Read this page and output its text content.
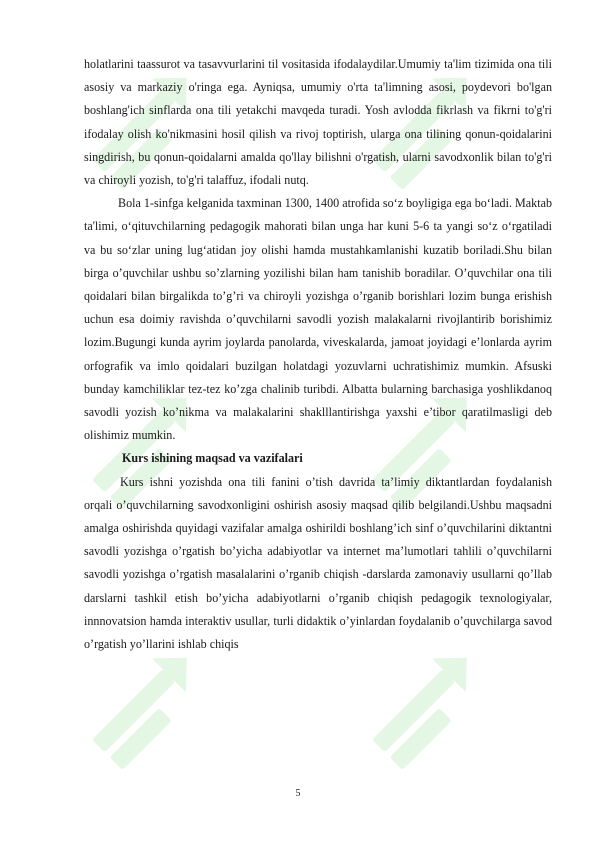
holatlarini taassurot va tasavvurlarini til vositasida ifodalaydilar.Umumiy ta'lim tizimida ona tili asosiy va markaziy o'ringa ega. Ayniqsa, umumiy o'rta ta'limning asosi, poydevori bo'lgan boshlang'ich sinflarda ona tili yetakchi mavqeda turadi. Yosh avlodda fikrlash va fikrni to'g'ri ifodalay olish ko'nikmasini hosil qilish va rivoj toptirish, ularga ona tilining qonun-qoidalarini singdirish, bu qonun-qoidalarni amalda qo'llay bilishni o'rgatish, ularni savodxonlik bilan to'g'ri va chiroyli yozish, to'g'ri talaffuz, ifodali nutq.

Bola 1-sinfga kelganida taxminan 1300, 1400 atrofida so‘z boyligiga ega bo‘ladi. Maktab ta'limi, o‘qituvchilarning pedagogik mahorati bilan unga har kuni 5-6 ta yangi so‘z o‘rgatiladi va bu so‘zlar uning lug‘atidan joy olishi hamda mustahkamlanishi kuzatib boriladi.Shu bilan birga o’quvchilar ushbu so’zlarning yozilishi bilan ham tanishib boradilar. O’quvchilar ona tili qoidalari bilan birgalikda to’g’ri va chiroyli yozishga o’rganib borishlari lozim bunga erishish uchun esa doimiy ravishda o’quvchilarni savodli yozish malakalarni rivojlantirib borishimiz lozim.Bugungi kunda ayrim joylarda panolarda, viveskalarda, jamoat joyidagi e’lonlarda ayrim orfografik va imlo qoidalari buzilgan holatdagi yozuvlarni uchratishimiz mumkin. Afsuski bunday kamchiliklar tez-tez ko’zga chalinib turibdi. Albatta bularning barchasiga yoshlikdanoq savodli yozish ko’nikma va malakalarini shaklllantirishga yaxshi e’tibor qaratilmasligi deb olishimiz mumkin.

Kurs ishining maqsad va vazifalari

Kurs ishni yozishda ona tili fanini o’tish davrida ta’limiy diktantlardan foydalanish orqali o’quvchilarning savodxonligini oshirish asosiy maqsad qilib belgilandi.Ushbu maqsadni amalga oshirishda quyidagi vazifalar amalga oshirildi boshlang’ich sinf o’quvchilarini diktantni savodli yozishga o’rgatish bo’yicha adabiyotlar va internet ma’lumotlari tahlili o’quvchilarni savodli yozishga o’rgatish masalalarini o’rganib chiqish -darslarda zamonaviy usullarni qo’llab darslarni tashkil etish bo’yicha adabiyotlarni o’rganib chiqish pedagogik texnologiyalar, innnovatsion hamda interaktiv usullar, turli didaktik o’yinlardan foydalanib o’quvchilarga savod o’rgatish yo’llarini ishlab chiqis

5
